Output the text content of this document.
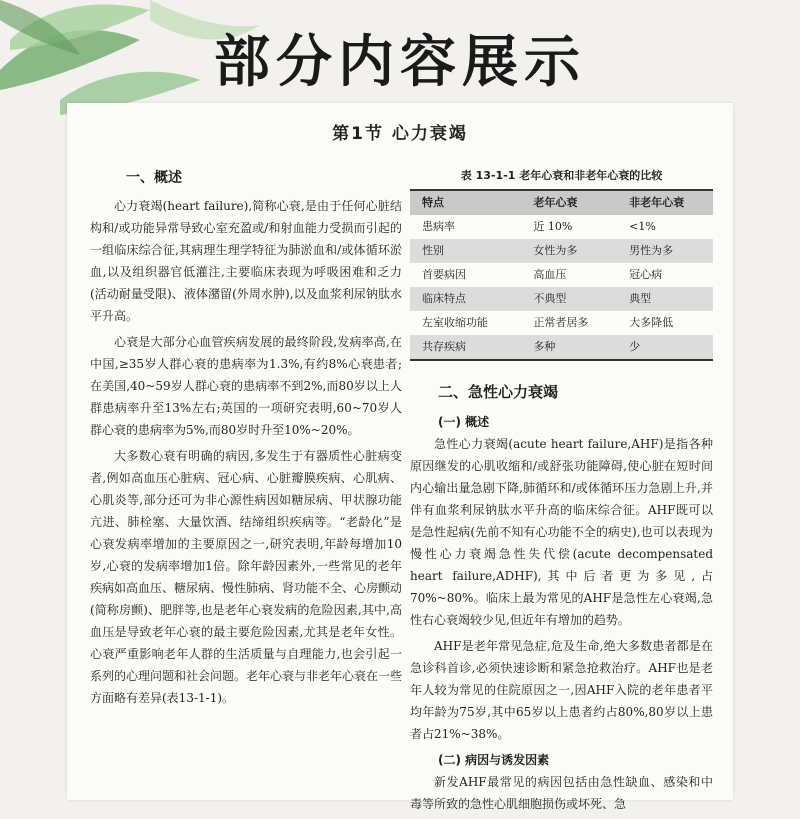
部分内容展示
第1节 心力衰竭
一、概述

心力衰竭(heart failure),简称心衰,是由于任何心脏结构和/或功能异常导致心室充盈或/和射血能力受损而引起的一组临床综合征,其病理生理学特征为肺淤血和/或体循环淤血,以及组织器官低灌注,主要临床表现为呼吸困难和乏力(活动耐量受限)、液体潴留(外周水肿),以及血浆利尿钠肽水平升高。

心衰是大部分心血管疾病发展的最终阶段,发病率高,在中国,≥35岁人群心衰的患病率为1.3%,有约8%心衰患者;在美国,40~59岁人群心衰的患病率不到2%,而80岁以上人群患病率升至13%左右;英国的一项研究表明,60~70岁人群心衰的患病率为5%,而80岁时升至10%~20%。

大多数心衰有明确的病因,多发生于有器质性心脏病变者,例如高血压心脏病、冠心病、心脏瓣膜疾病、心肌病、心肌炎等,部分还可为非心源性病因如糖尿病、甲状腺功能亢进、肺栓塞、大量饮酒、结缔组织疾病等。“老龄化”是心衰发病率增加的主要原因之一,研究表明,年龄每增加10岁,心衰的发病率增加1倍。除年龄因素外,一些常见的老年疾病如高血压、糖尿病、慢性肺病、肾功能不全、心房颤动(简称房颤)、肥胖等,也是老年心衰发病的危险因素,其中,高血压是导致老年心衰的最主要危险因素,尤其是老年女性。心衰严重影响老年人群的生活质量与自理能力,也会引起一系列的心理问题和社会问题。老年心衰与非老年心衰在一些方面略有差异(表13-1-1)。

表 13-1-1 老年心衰和非老年心衰的比较
特点	老年心衰	非老年心衰
患病率	近 10%	<1%
性别	女性为多	男性为多
首要病因	高血压	冠心病
临床特点	不典型	典型
左室收缩功能	正常者居多	大多降低
共存疾病	多种	少
二、急性心力衰竭
(一) 概述

急性心力衰竭(acute heart failure,AHF)是指各种原因继发的心肌收缩和/或舒张功能障碍,使心脏在短时间内心输出量急剧下降,肺循环和/或体循环压力急剧上升,并伴有血浆利尿钠肽水平升高的临床综合征。AHF既可以是急性起病(先前不知有心功能不全的病史),也可以表现为慢性心力衰竭急性失代偿(acute decompensated heart failure,ADHF),其中后者更为多见,占70%~80%。临床上最为常见的AHF是急性左心衰竭,急性右心衰竭较少见,但近年有增加的趋势。

AHF是老年常见急症,危及生命,绝大多数患者都是在急诊科首诊,必须快速诊断和紧急抢救治疗。AHF也是老年人较为常见的住院原因之一,因AHF入院的老年患者平均年龄为75岁,其中65岁以上患者约占80%,80岁以上患者占21%~38%。

(二) 病因与诱发因素

新发AHF最常见的病因包括由急性缺血、感染和中毒等所致的急性心肌细胞损伤或坏死、急
